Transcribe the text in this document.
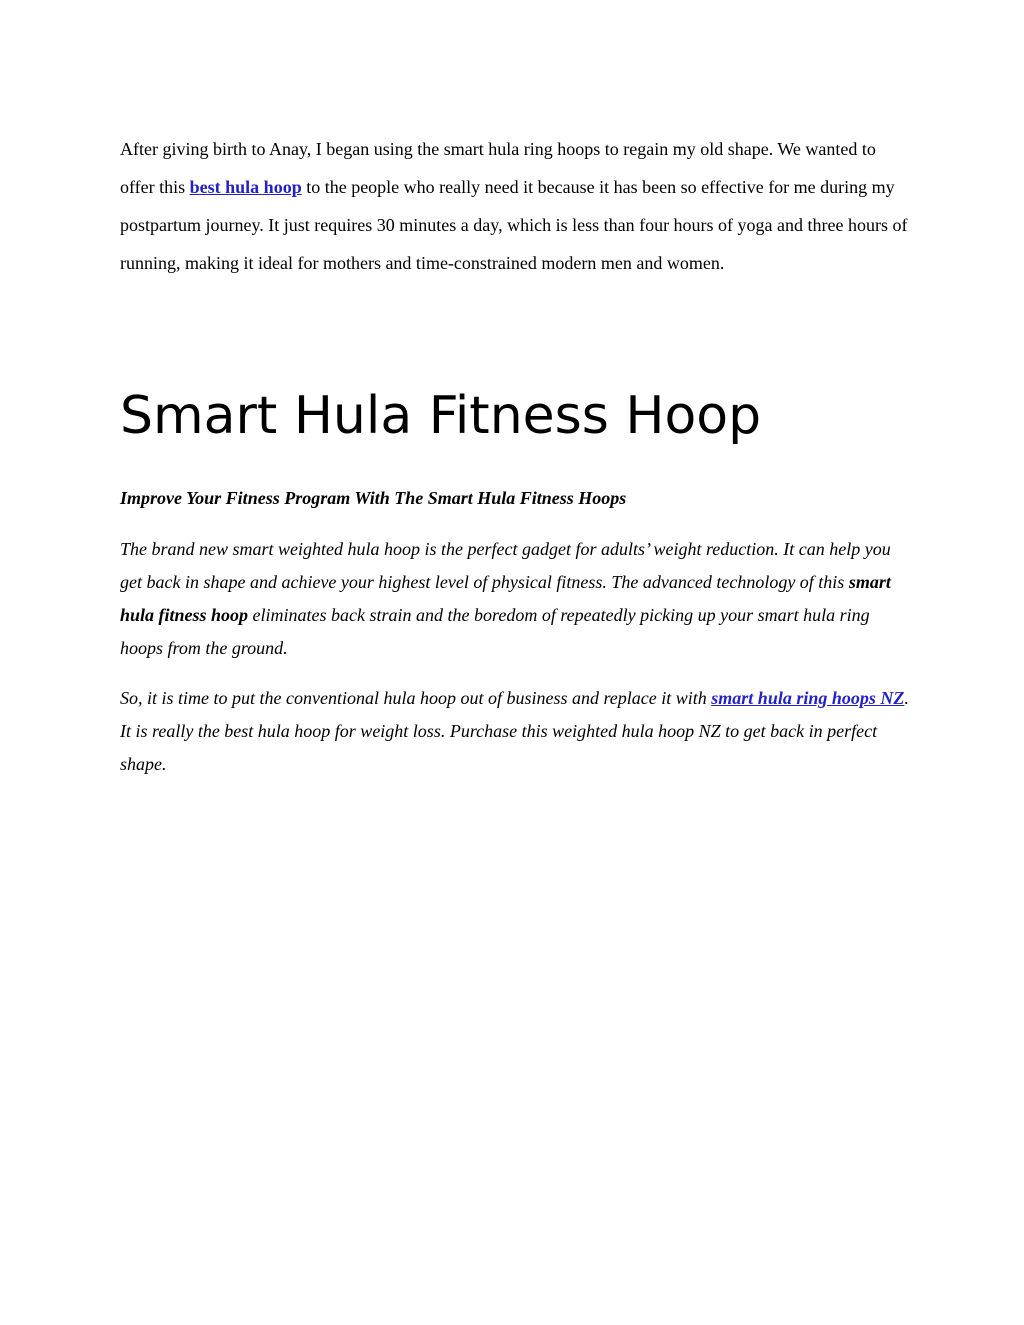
After giving birth to Anay, I began using the smart hula ring hoops to regain my old shape. We wanted to offer this best hula hoop to the people who really need it because it has been so effective for me during my postpartum journey. It just requires 30 minutes a day, which is less than four hours of yoga and three hours of running, making it ideal for mothers and time-constrained modern men and women.

Smart Hula Fitness Hoop

Improve Your Fitness Program With The Smart Hula Fitness Hoops

The brand new smart weighted hula hoop is the perfect gadget for adults’ weight reduction. It can help you get back in shape and achieve your highest level of physical fitness. The advanced technology of this smart hula fitness hoop eliminates back strain and the boredom of repeatedly picking up your smart hula ring hoops from the ground.

So, it is time to put the conventional hula hoop out of business and replace it with smart hula ring hoops NZ. It is really the best hula hoop for weight loss. Purchase this weighted hula hoop NZ to get back in perfect shape.
